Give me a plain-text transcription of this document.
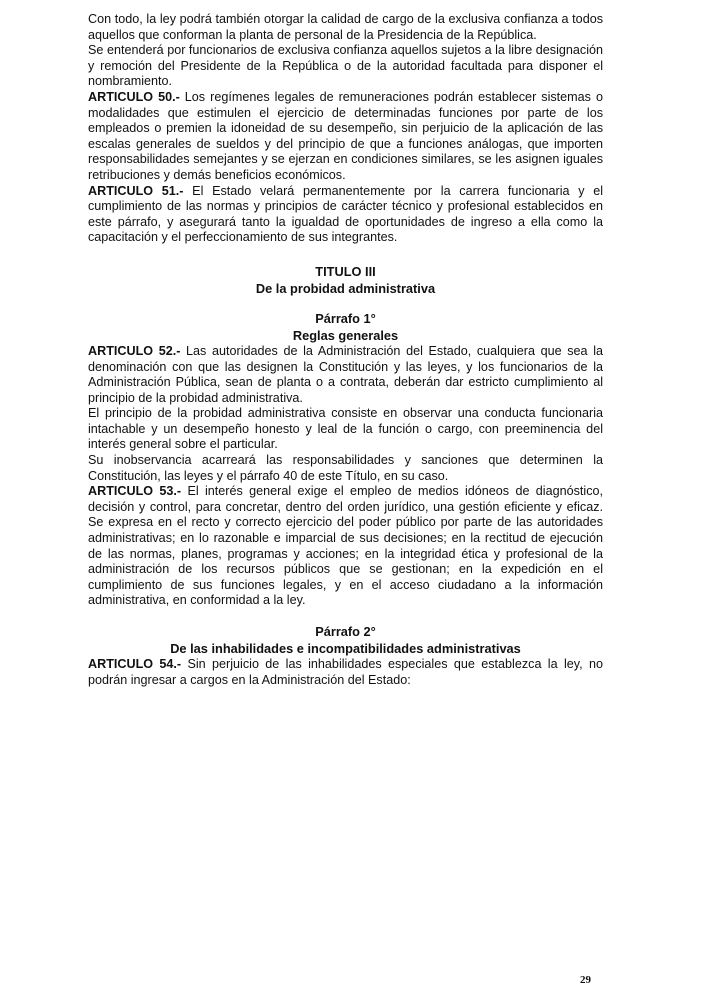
Con todo, la ley podrá también otorgar la calidad de cargo de la exclusiva confianza a todos aquellos que conforman la planta de personal de la Presidencia de la República.

Se entenderá por funcionarios de exclusiva confianza aquellos sujetos a la libre designación y remoción del Presidente de la República o de la autoridad facultada para disponer el nombramiento.

ARTICULO 50.- Los regímenes legales de remuneraciones podrán establecer sistemas o modalidades que estimulen el ejercicio de determinadas funciones por parte de los empleados o premien la idoneidad de su desempeño, sin perjuicio de la aplicación de las escalas generales de sueldos y del principio de que a funciones análogas, que importen responsabilidades semejantes y se ejerzan en condiciones similares, se les asignen iguales retribuciones y demás beneficios económicos.

ARTICULO 51.- El Estado velará permanentemente por la carrera funcionaria y el cumplimiento de las normas y principios de carácter técnico y profesional establecidos en este párrafo, y asegurará tanto la igualdad de oportunidades de ingreso a ella como la capacitación y el perfeccionamiento de sus integrantes.

TITULO III
De la probidad administrativa
Párrafo 1°
Reglas generales

ARTICULO 52.- Las autoridades de la Administración del Estado, cualquiera que sea la denominación con que las designen la Constitución y las leyes, y los funcionarios de la Administración Pública, sean de planta o a contrata, deberán dar estricto cumplimiento al principio de la probidad administrativa.

El principio de la probidad administrativa consiste en observar una conducta funcionaria intachable y un desempeño honesto y leal de la función o cargo, con preeminencia del interés general sobre el particular.

Su inobservancia acarreará las responsabilidades y sanciones que determinen la Constitución, las leyes y el párrafo 40 de este Título, en su caso.

ARTICULO 53.- El interés general exige el empleo de medios idóneos de diagnóstico, decisión y control, para concretar, dentro del orden jurídico, una gestión eficiente y eficaz. Se expresa en el recto y correcto ejercicio del poder público por parte de las autoridades administrativas; en lo razonable e imparcial de sus decisiones; en la rectitud de ejecución de las normas, planes, programas y acciones; en la integridad ética y profesional de la administración de los recursos públicos que se gestionan; en la expedición en el cumplimiento de sus funciones legales, y en el acceso ciudadano a la información administrativa, en conformidad a la ley.

Párrafo 2°
De las inhabilidades e incompatibilidades administrativas

ARTICULO 54.- Sin perjuicio de las inhabilidades especiales que establezca la ley, no podrán ingresar a cargos en la Administración del Estado:

29
